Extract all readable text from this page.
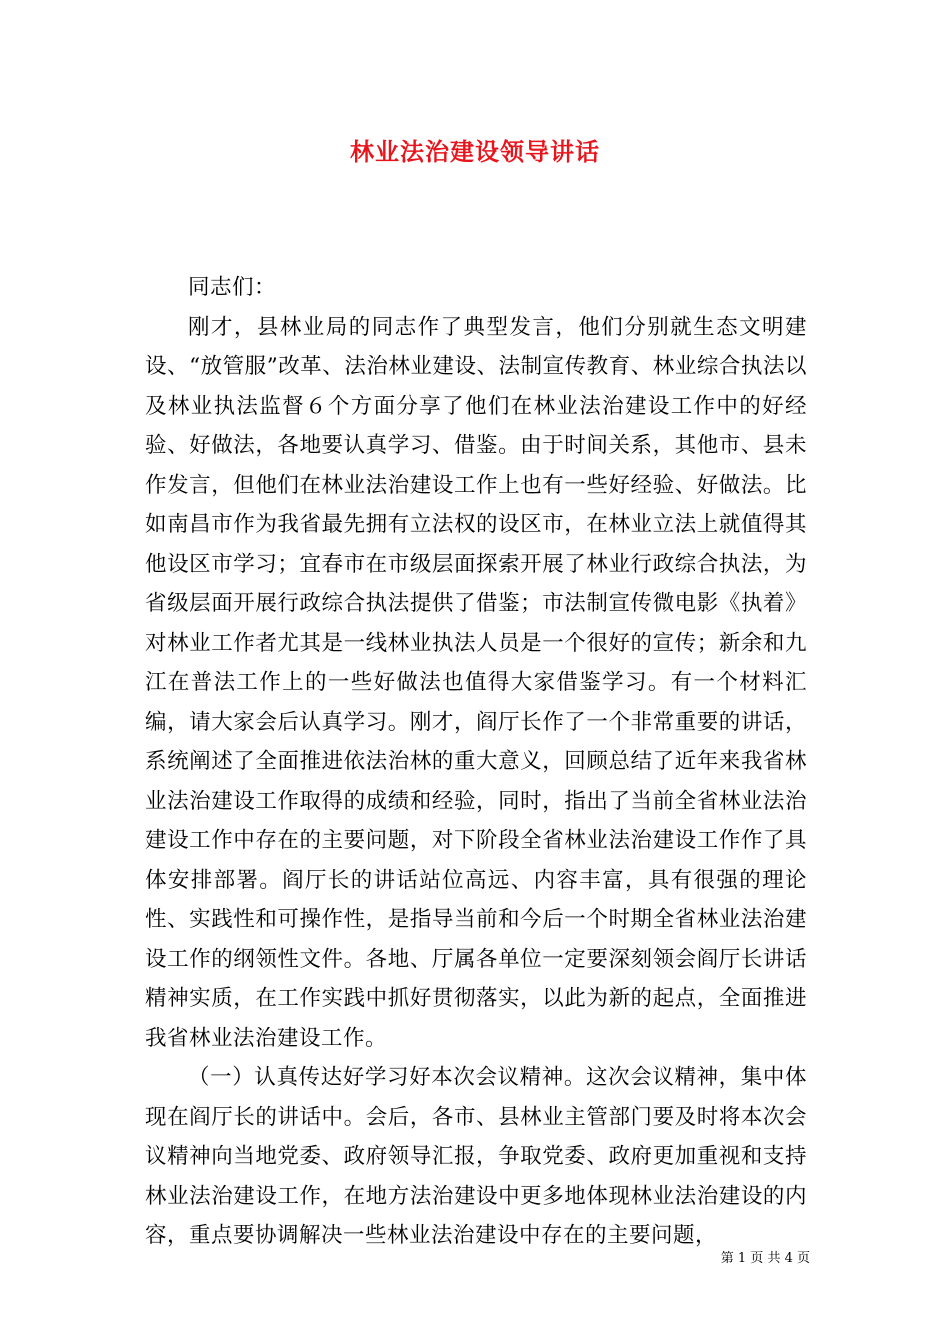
林业法治建设领导讲话

同志们：

刚才，县林业局的同志作了典型发言，他们分别就生态文明建设、“放管服”改革、法治林业建设、法制宣传教育、林业综合执法以及林业执法监督６个方面分享了他们在林业法治建设工作中的好经验、好做法，各地要认真学习、借鉴。由于时间关系，其他市、县未作发言，但他们在林业法治建设工作上也有一些好经验、好做法。比如南昌市作为我省最先拥有立法权的设区市，在林业立法上就值得其他设区市学习；宜春市在市级层面探索开展了林业行政综合执法，为省级层面开展行政综合执法提供了借鉴；市法制宣传微电影《执着》对林业工作者尤其是一线林业执法人员是一个很好的宣传；新余和九江在普法工作上的一些好做法也值得大家借鉴学习。有一个材料汇编，请大家会后认真学习。刚才，阎厅长作了一个非常重要的讲话，系统阐述了全面推进依法治林的重大意义，回顾总结了近年来我省林业法治建设工作取得的成绩和经验，同时，指出了当前全省林业法治建设工作中存在的主要问题，对下阶段全省林业法治建设工作作了具体安排部署。阎厅长的讲话站位高远、内容丰富，具有很强的理论性、实践性和可操作性，是指导当前和今后一个时期全省林业法治建设工作的纲领性文件。各地、厅属各单位一定要深刻领会阎厅长讲话精神实质，在工作实践中抓好贯彻落实，以此为新的起点，全面推进我省林业法治建设工作。

（一）认真传达好学习好本次会议精神。这次会议精神，集中体现在阎厅长的讲话中。会后，各市、县林业主管部门要及时将本次会议精神向当地党委、政府领导汇报，争取党委、政府更加重视和支持林业法治建设工作，在地方法治建设中更多地体现林业法治建设的内容，重点要协调解决一些林业法治建设中存在的主要问题，

第 1 页 共 4 页
